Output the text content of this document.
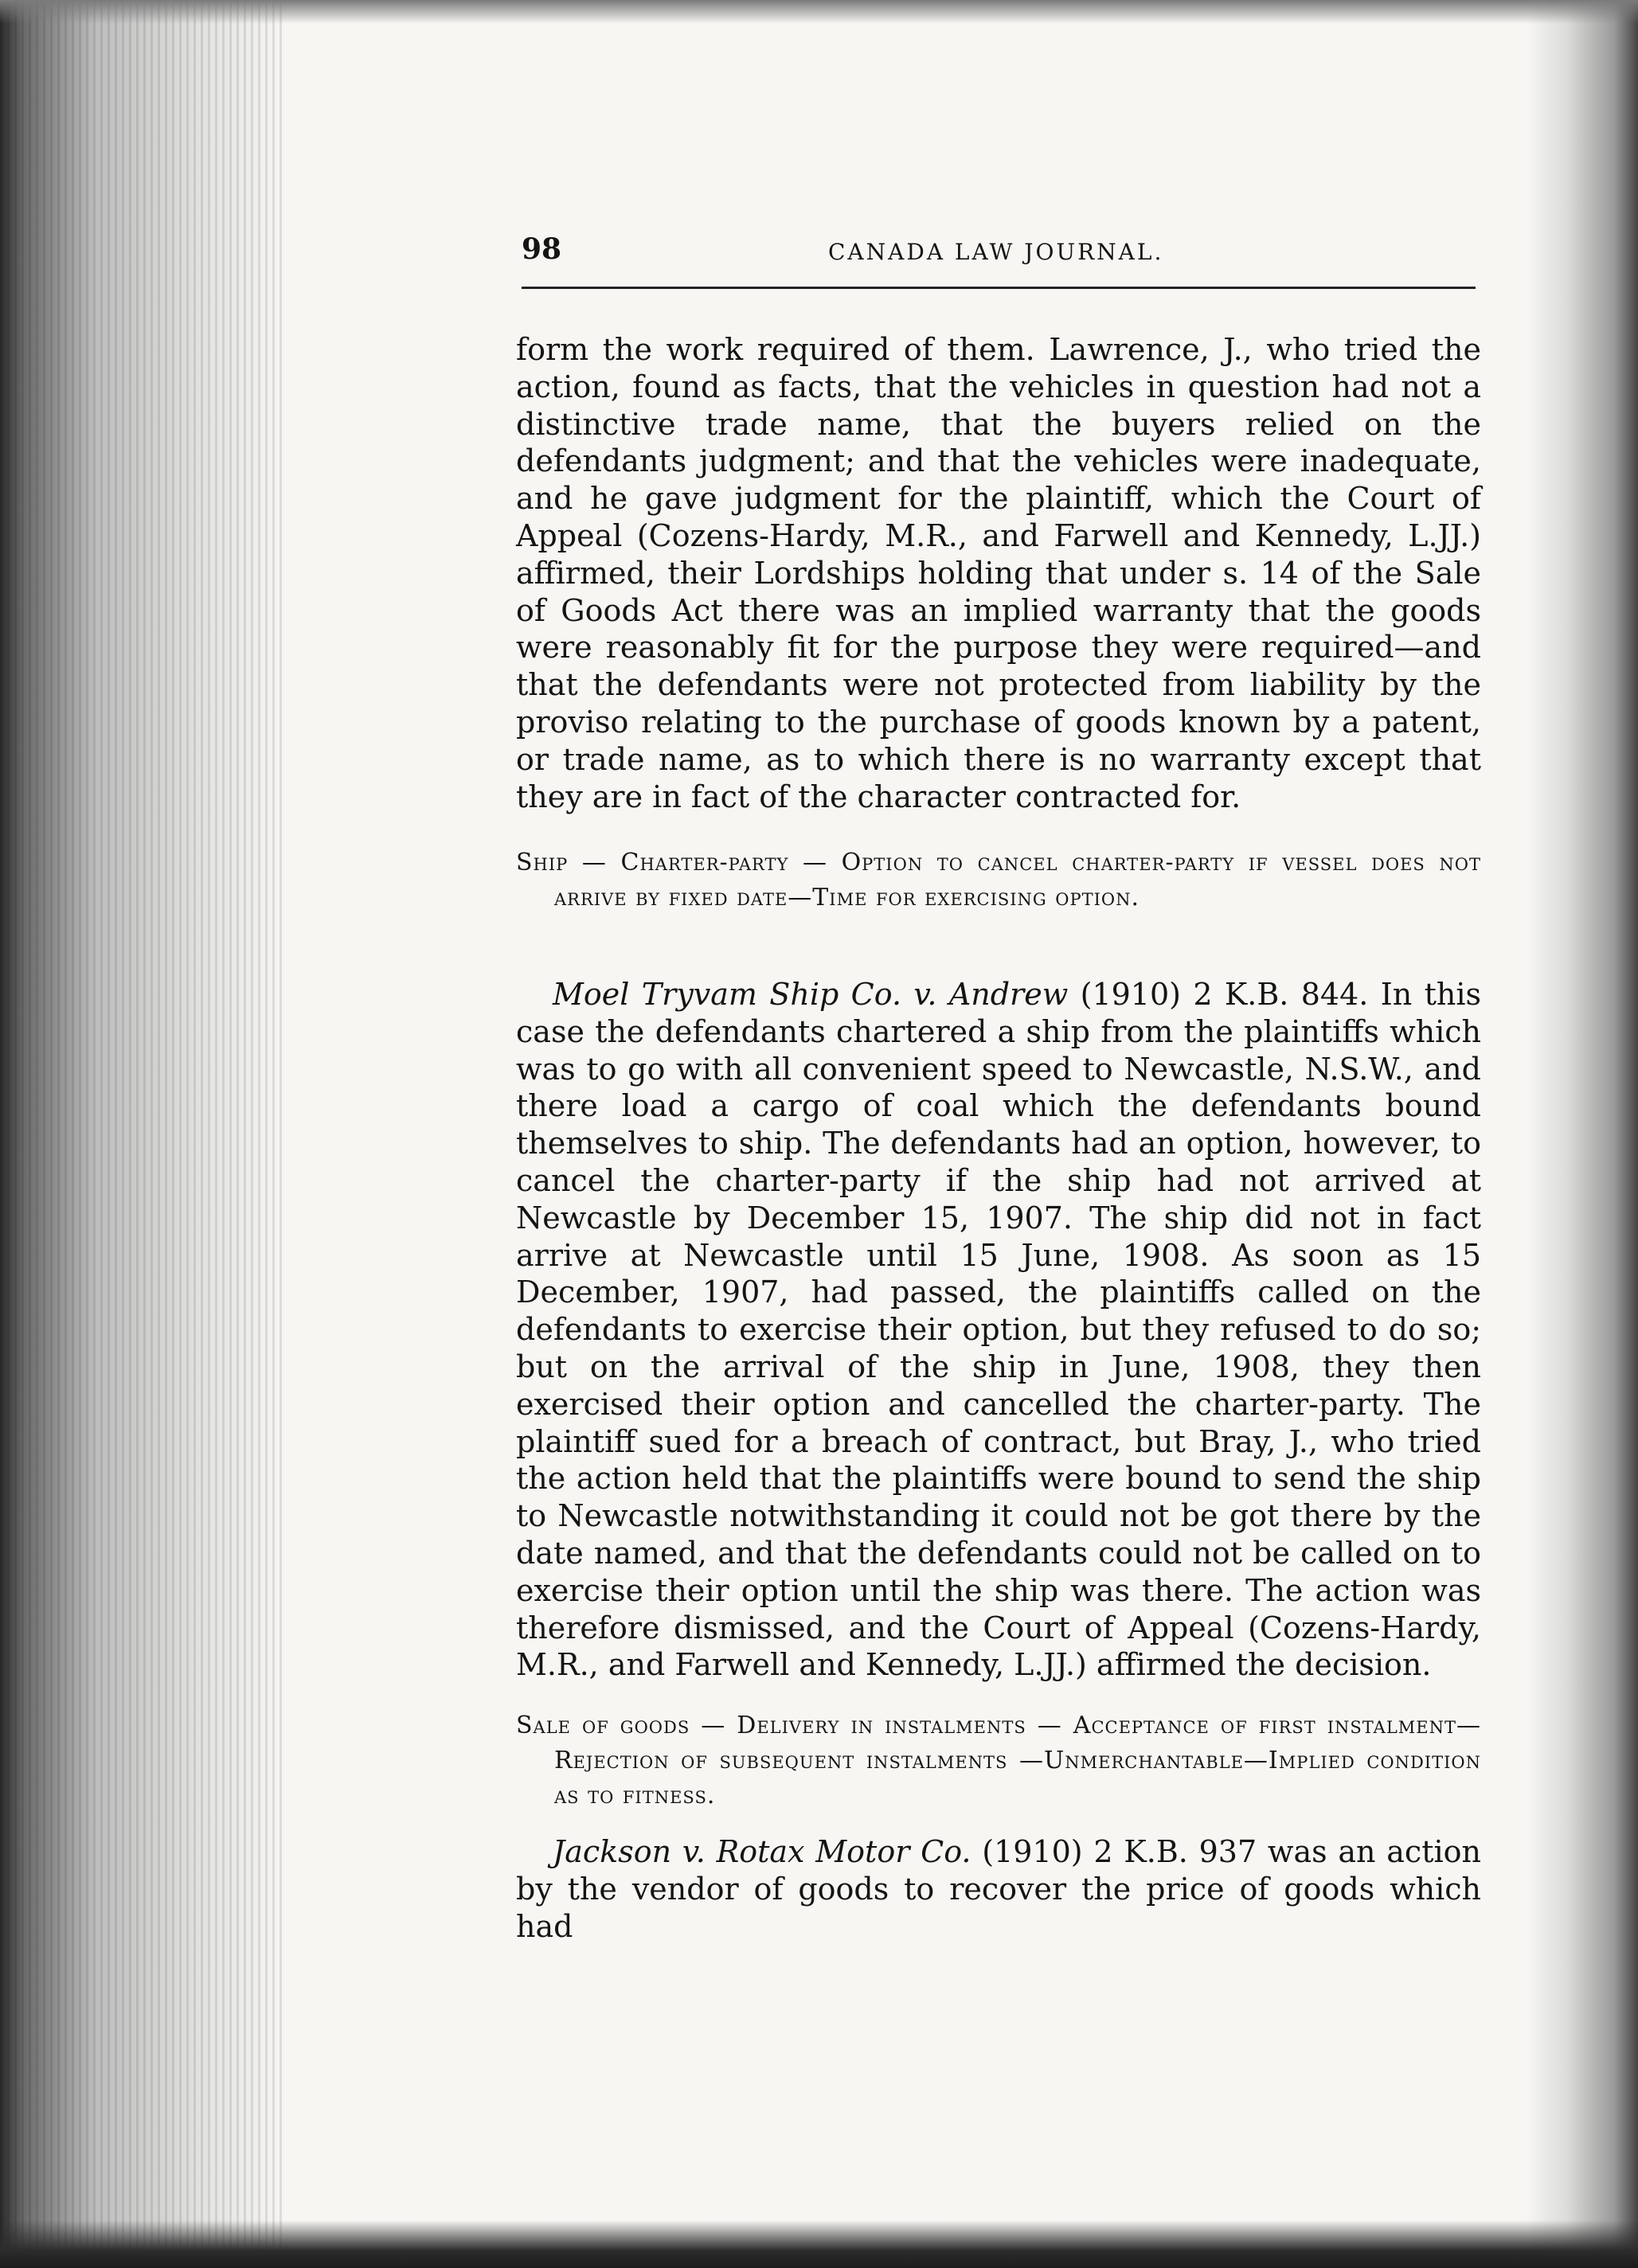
98	CANADA LAW JOURNAL.

form the work required of them. Lawrence, J., who tried the action, found as facts, that the vehicles in question had not a distinctive trade name, that the buyers relied on the defendants judgment; and that the vehicles were inadequate, and he gave judgment for the plaintiff, which the Court of Appeal (Cozens-Hardy, M.R., and Farwell and Kennedy, L.JJ.) affirmed, their Lordships holding that under s. 14 of the Sale of Goods Act there was an implied warranty that the goods were reasonably fit for the purpose they were required—and that the defendants were not protected from liability by the proviso relating to the purchase of goods known by a patent, or trade name, as to which there is no warranty except that they are in fact of the character contracted for.

Ship — Charter-party — Option to cancel charter-party if vessel does not arrive by fixed date—Time for exercising option.

Moel Tryvam Ship Co. v. Andrew (1910) 2 K.B. 844. In this case the defendants chartered a ship from the plaintiffs which was to go with all convenient speed to Newcastle, N.S.W., and there load a cargo of coal which the defendants bound themselves to ship. The defendants had an option, however, to cancel the charter-party if the ship had not arrived at Newcastle by December 15, 1907. The ship did not in fact arrive at Newcastle until 15 June, 1908. As soon as 15 December, 1907, had passed, the plaintiffs called on the defendants to exercise their option, but they refused to do so; but on the arrival of the ship in June, 1908, they then exercised their option and cancelled the charter-party. The plaintiff sued for a breach of contract, but Bray, J., who tried the action held that the plaintiffs were bound to send the ship to Newcastle notwithstanding it could not be got there by the date named, and that the defendants could not be called on to exercise their option until the ship was there. The action was therefore dismissed, and the Court of Appeal (Cozens-Hardy, M.R., and Farwell and Kennedy, L.JJ.) affirmed the decision.

Sale of goods — Delivery in instalments — Acceptance of first instalment—Rejection of subsequent instalments —Unmerchantable—Implied condition as to fitness.

Jackson v. Rotax Motor Co. (1910) 2 K.B. 937 was an action by the vendor of goods to recover the price of goods which had
